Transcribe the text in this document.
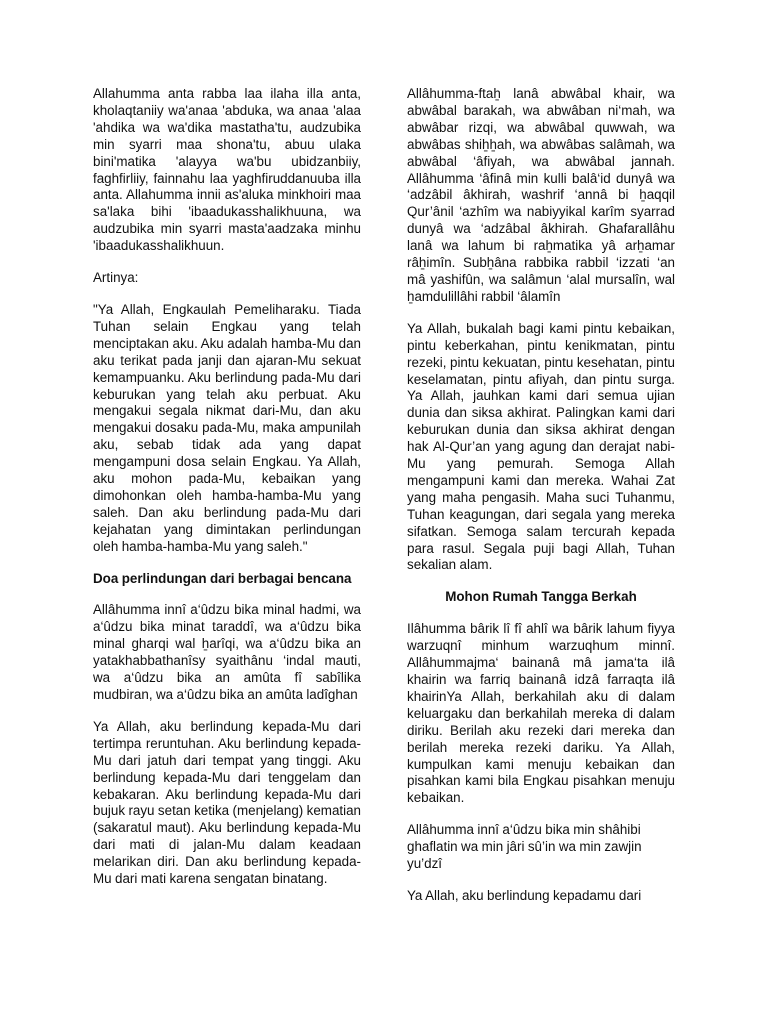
Allahumma anta rabba laa ilaha illa anta, kholaqtaniiy wa'anaa 'abduka, wa anaa 'alaa 'ahdika wa wa'dika mastatha'tu, audzubika min syarri maa shona'tu, abuu ulaka bini'matika 'alayya wa'bu ubidzanbiiy, faghfirliiy, fainnahu laa yaghfiruddanuuba illa anta. Allahumma innii as'aluka minkhoiri maa sa'laka bihi 'ibaadukasshalikhuuna, wa audzubika min syarri masta'aadzaka minhu 'ibaadukasshalikhuun.

Artinya:

"Ya Allah, Engkaulah Pemeliharaku. Tiada Tuhan selain Engkau yang telah menciptakan aku. Aku adalah hamba-Mu dan aku terikat pada janji dan ajaran-Mu sekuat kemampuanku. Aku berlindung pada-Mu dari keburukan yang telah aku perbuat. Aku mengakui segala nikmat dari-Mu, dan aku mengakui dosaku pada-Mu, maka ampunilah aku, sebab tidak ada yang dapat mengampuni dosa selain Engkau. Ya Allah, aku mohon pada-Mu, kebaikan yang dimohonkan oleh hamba-hamba-Mu yang saleh. Dan aku berlindung pada-Mu dari kejahatan yang dimintakan perlindungan oleh hamba-hamba-Mu yang saleh."

Doa perlindungan dari berbagai bencana

Allâhumma innî a‘ûdzu bika minal hadmi, wa a‘ûdzu bika minat taraddî, wa a‘ûdzu bika minal gharqi wal ẖarîqi, wa a‘ûdzu bika an yatakhabbathanîsy syaithânu ‘indal mauti, wa a‘ûdzu bika an amûta fî sabîlika mudbiran, wa a‘ûdzu bika an amûta ladîghan

Ya Allah, aku berlindung kepada-Mu dari tertimpa reruntuhan. Aku berlindung kepada-Mu dari jatuh dari tempat yang tinggi. Aku berlindung kepada-Mu dari tenggelam dan kebakaran. Aku berlindung kepada-Mu dari bujuk rayu setan ketika (menjelang) kematian (sakaratul maut). Aku berlindung kepada-Mu dari mati di jalan-Mu dalam keadaan melarikan diri. Dan aku berlindung kepada-Mu dari mati karena sengatan binatang.

Allâhumma-ftaẖ lanâ abwâbal khair, wa abwâbal barakah, wa abwâban ni‘mah, wa abwâbar rizqi, wa abwâbal quwwah, wa abwâbas shiẖẖah, wa abwâbas salâmah, wa abwâbal ‘âfiyah, wa abwâbal jannah. Allâhumma ‘âfinâ min kulli balâ‘id dunyâ wa ‘adzâbil âkhirah, washrif ‘annâ bi ẖaqqil Qur’ânil ‘azhîm wa nabiyyikal karîm syarrad dunyâ wa ‘adzâbal âkhirah. Ghafarallâhu lanâ wa lahum bi raẖmatika yâ arẖamar râẖimîn. Subẖâna rabbika rabbil ‘izzati ‘an mâ yashifûn, wa salâmun ‘alal mursalîn, wal ẖamdulillâhi rabbil ‘âlamîn

Ya Allah, bukalah bagi kami pintu kebaikan, pintu keberkahan, pintu kenikmatan, pintu rezeki, pintu kekuatan, pintu kesehatan, pintu keselamatan, pintu afiyah, dan pintu surga. Ya Allah, jauhkan kami dari semua ujian dunia dan siksa akhirat. Palingkan kami dari keburukan dunia dan siksa akhirat dengan hak Al-Qur’an yang agung dan derajat nabi-Mu yang pemurah. Semoga Allah mengampuni kami dan mereka. Wahai Zat yang maha pengasih. Maha suci Tuhanmu, Tuhan keagungan, dari segala yang mereka sifatkan. Semoga salam tercurah kepada para rasul. Segala puji bagi Allah, Tuhan sekalian alam.

Mohon Rumah Tangga Berkah

Ilâhumma bârik lî fî ahlî wa bârik lahum fiyya warzuqnî minhum warzuqhum minnî. Allâhummajma‘ bainanâ mâ jama‘ta ilâ khairin wa farriq bainanâ idzâ farraqta ilâ khairinYa Allah, berkahilah aku di dalam keluargaku dan berkahilah mereka di dalam diriku. Berilah aku rezeki dari mereka dan berilah mereka rezeki dariku. Ya Allah, kumpulkan kami menuju kebaikan dan pisahkan kami bila Engkau pisahkan menuju kebaikan.

Allâhumma innî a‘ûdzu bika min shâhibi ghaflatin wa min jâri sû’in wa min zawjin yu’dzî

Ya Allah, aku berlindung kepadamu dari
